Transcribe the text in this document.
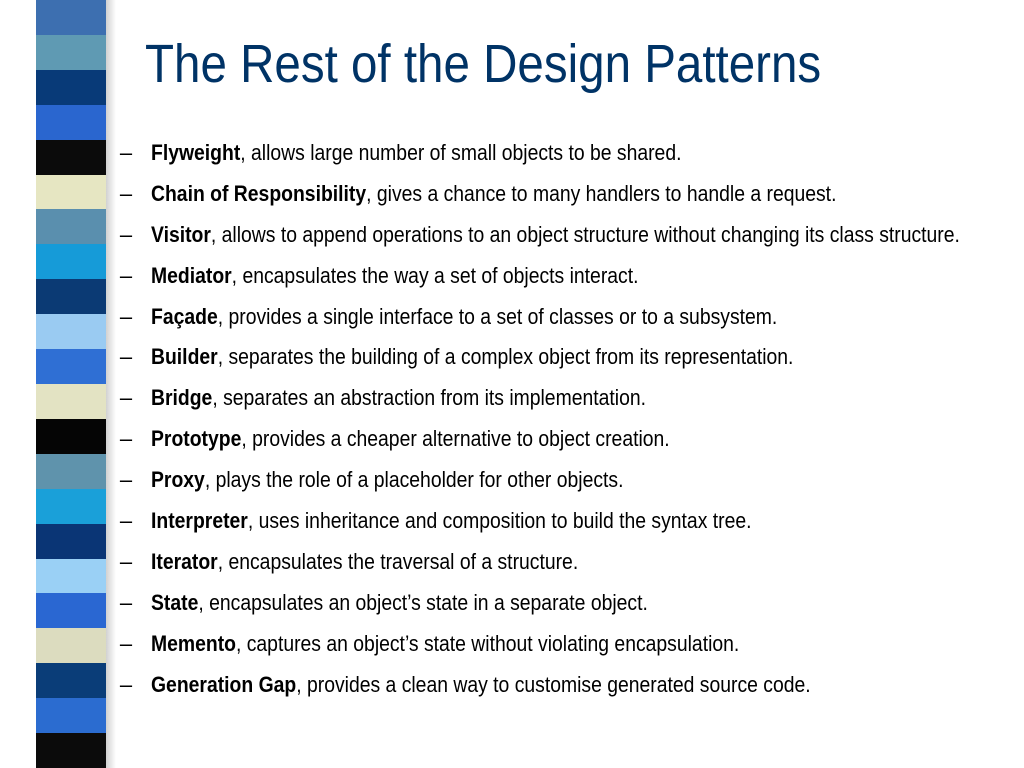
The Rest of the Design Patterns
– Flyweight, allows large number of small objects to be shared.
– Chain of Responsibility, gives a chance to many handlers to handle a request.
– Visitor, allows to append operations to an object structure without changing its class structure.
– Mediator, encapsulates the way a set of objects interact.
– Façade, provides a single interface to a set of classes or to a subsystem.
– Builder, separates the building of a complex object from its representation.
– Bridge, separates an abstraction from its implementation.
– Prototype, provides a cheaper alternative to object creation.
– Proxy, plays the role of a placeholder for other objects.
– Interpreter, uses inheritance and composition to build the syntax tree.
– Iterator, encapsulates the traversal of a structure.
– State, encapsulates an object’s state in a separate object.
– Memento, captures an object’s state without violating encapsulation.
– Generation Gap, provides a clean way to customise generated source code.
